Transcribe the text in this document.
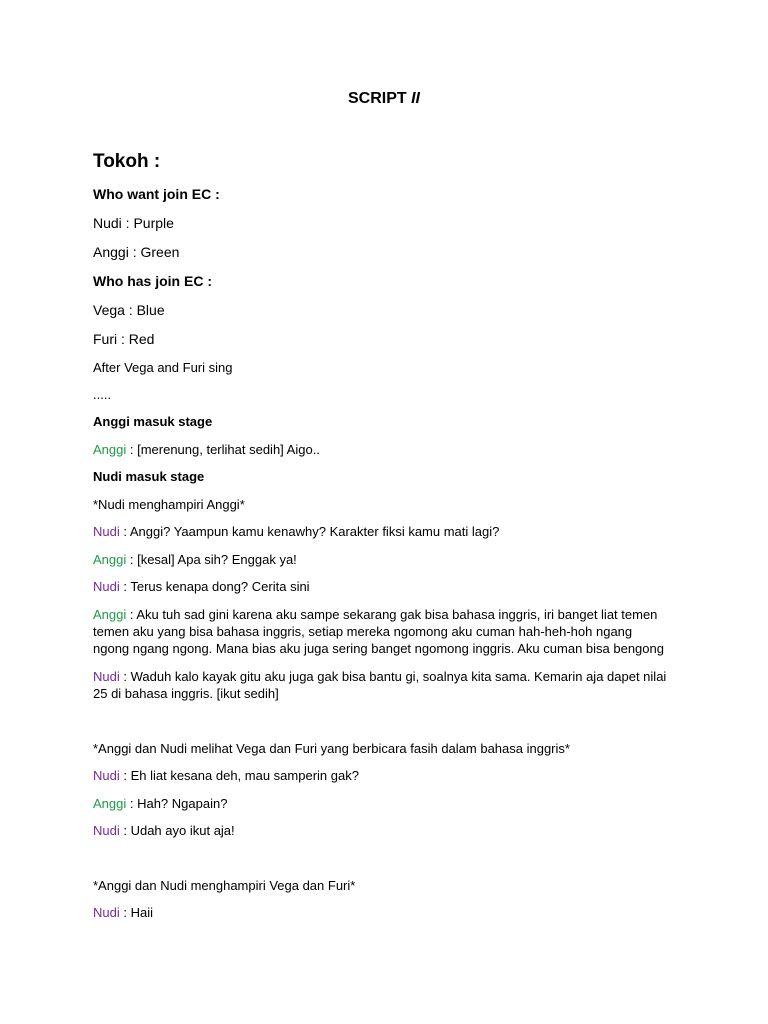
SCRIPT II
Tokoh :
Who want join EC :
Nudi : Purple
Anggi : Green
Who has join EC :
Vega : Blue
Furi : Red
After Vega and Furi sing
.....
Anggi masuk stage
Anggi : [merenung, terlihat sedih] Aigo..
Nudi masuk stage
*Nudi menghampiri Anggi*
Nudi : Anggi? Yaampun kamu kenawhy? Karakter fiksi kamu mati lagi?
Anggi : [kesal] Apa sih? Enggak ya!
Nudi : Terus kenapa dong? Cerita sini
Anggi : Aku tuh sad gini karena aku sampe sekarang gak bisa bahasa inggris, iri banget liat temen temen aku yang bisa bahasa inggris, setiap mereka ngomong aku cuman hah-heh-hoh ngang ngong ngang ngong. Mana bias aku juga sering banget ngomong inggris. Aku cuman bisa bengong
Nudi : Waduh kalo kayak gitu aku juga gak bisa bantu gi, soalnya kita sama. Kemarin aja dapet nilai 25 di bahasa inggris. [ikut sedih]
*Anggi dan Nudi melihat Vega dan Furi yang berbicara fasih dalam bahasa inggris*
Nudi : Eh liat kesana deh, mau samperin gak?
Anggi : Hah? Ngapain?
Nudi : Udah ayo ikut aja!
*Anggi dan Nudi menghampiri Vega dan Furi*
Nudi : Haii
